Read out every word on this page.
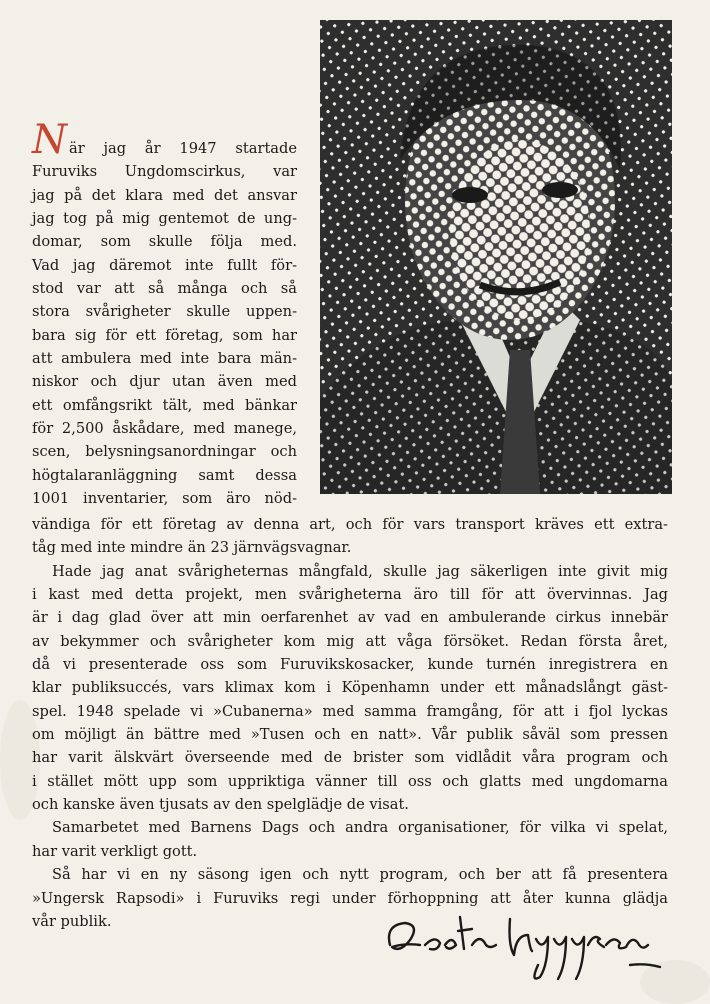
När jag år 1947 startade
Furuviks Ungdomscirkus, var
jag på det klara med det ansvar
jag tog på mig gentemot de ung-
domar, som skulle följa med.
Vad jag däremot inte fullt för-
stod var att så många och så
stora svårigheter skulle uppen-
bara sig för ett företag, som har
att ambulera med inte bara män-
niskor och djur utan även med
ett omfångsrikt tält, med bänkar
för 2,500 åskådare, med manege,
scen, belysningsanordningar och
högtalaranläggning samt dessa
1001 inventarier, som äro nöd-
vändiga för ett företag av denna art, och för vars transport kräves ett extra-
tåg med inte mindre än 23 järnvägsvagnar.
Hade jag anat svårigheternas mångfald, skulle jag säkerligen inte givit mig
i kast med detta projekt, men svårigheterna äro till för att övervinnas. Jag
är i dag glad över att min oerfarenhet av vad en ambulerande cirkus innebär
av bekymmer och svårigheter kom mig att våga försöket. Redan första året,
då vi presenterade oss som Furuvikskosacker, kunde turnén inregistrera en
klar publiksuccés, vars klimax kom i Köpenhamn under ett månadslångt gäst-
spel. 1948 spelade vi »Cubanerna» med samma framgång, för att i fjol lyckas
om möjligt än bättre med »Tusen och en natt». Vår publik såväl som pressen
har varit älskvärt överseende med de brister som vidlådit våra program och
i stället mött upp som uppriktiga vänner till oss och glatts med ungdomarna
och kanske även tjusats av den spelglädje de visat.
Samarbetet med Barnens Dags och andra organisationer, för vilka vi spelat,
har varit verkligt gott.
Så har vi en ny säsong igen och nytt program, och ber att få presentera
»Ungersk Rapsodi» i Furuviks regi under förhoppning att åter kunna glädja
vår publik.
